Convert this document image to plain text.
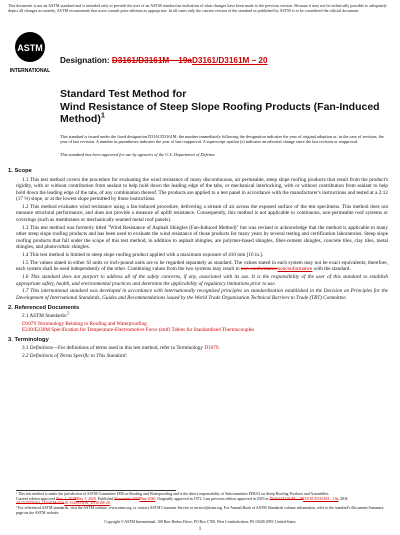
This document is not an ASTM standard and is intended only to provide the user of an ASTM standard an indication of what changes have been made to the previous version. Because it may not be technically possible to adequately depict all changes accurately, ASTM recommends that users consult prior editions as appropriate. In all cases only the current version of the standard as published by ASTM is to be considered the official document.
ASTM
INTERNATIONAL
Designation: D3161/D3161M – 19aD3161/D3161M – 20
Standard Test Method for
Wind Resistance of Steep Slope Roofing Products (Fan-Induced Method)$^1$
This standard is issued under the fixed designation D3161/D3161M; the number immediately following the designation indicates the year of original adoption or, in the case of revision, the year of last revision. A number in parentheses indicates the year of last reapproval. A superscript epsilon (ε) indicates an editorial change since the last revision or reapproval.
This standard has been approved for use by agencies of the U.S. Department of Defense.
1. Scope
1.1 This test method covers the procedure for evaluating the wind resistance of many discontinuous, air permeable, steep slope roofing products that result from the product's rigidity, with or without contribution from sealant to help hold down the leading edge of the tabs, or mechanical interlocking, with or without contribution from sealant to help hold down the leading edge of the tabs, of any combination thereof. The products are applied to a test panel in accordance with the manufacturer's instructions and tested at a 2:12 (17 ⅓) slope, or at the lowest slope permitted by those instructions.
1.2 This method evaluates wind resistance using a fan-induced procedure, delivering a stream of air across the exposed surface of the test specimens. This method does not measure structural performance, and does not provide a measure of uplift resistance. Consequently, this method is not applicable to continuous, non-permeable roof systems or coverings (such as membranes or mechanically seamed metal roof panels).
1.3 This test method was formerly titled "Wind Resistance of Asphalt Shingles (Fan-Induced Method)" but was revised to acknowledge that the method is applicable to many other steep slope roofing products and has been used to evaluate the wind resistance of those products for many years by several testing and certification laboratories. Steep slope roofing products that fall under the scope of this test method, in addition to asphalt shingles, are polymer-based shingles, fiber-cement shingles, concrete tiles, clay tiles, metal shingles, and photovoltaic shingles.
1.4 This test method is limited to steep slope roofing product applied with a maximum exposure of 410 mm [16 in.].
1.5 The values stated in either SI units or inch-pound units are to be regarded separately as standard. The values stated in each system may not be exact equivalents; therefore, each system shall be used independently of the other. Combining values from the two systems may result in non-conformancenonconformance with the standard.
1.6 This standard does not purport to address all of the safety concerns, if any, associated with its use. It is the responsibility of the user of this standard to establish appropriate safety, health, and environmental practices and determine the applicability of regulatory limitations prior to use.
1.7 This international standard was developed in accordance with internationally recognized principles on standardization established in the Decision on Principles for the Development of International Standards, Guides and Recommendations issued by the World Trade Organization Technical Barriers to Trade (TBT) Committee.
2. Referenced Documents
2.1 ASTM Standards:$^2$
D1079 Terminology Relating to Roofing and Waterproofing
E230/E230M Specification for Temperature-Electromotive Force (emf) Tables for Standardized Thermocouples
3. Terminology
3.1 Definitions—For definitions of terms used in this test method, refer to Terminology D1079.
3.2 Definitions of Terms Specific to This Standard:
¹ This test method is under the jurisdiction of ASTM Committee D08 on Roofing and Waterproofing and is the direct responsibility of Subcommittee D08.02 on Steep Roofing Products and Assemblies.
Current edition approved Nov. 1, 2019May 1, 2020. Published November 2019May 2020. Originally approved in 1972. Last previous edition approved in 2019 as D3161/D3161M – 19D3161/D3161M – 19a. DOI: 10.1520/D3161_D3161M-19A10.1520/D3161_D3161M-20.
² For referenced ASTM standards, visit the ASTM website, www.astm.org, or contact ASTM Customer Service at service@astm.org. For Annual Book of ASTM Standards volume information, refer to the standard's Document Summary page on the ASTM website.
Copyright © ASTM International, 100 Barr Harbor Drive, PO Box C700, West Conshohocken, PA 19428-2959. United States
1
